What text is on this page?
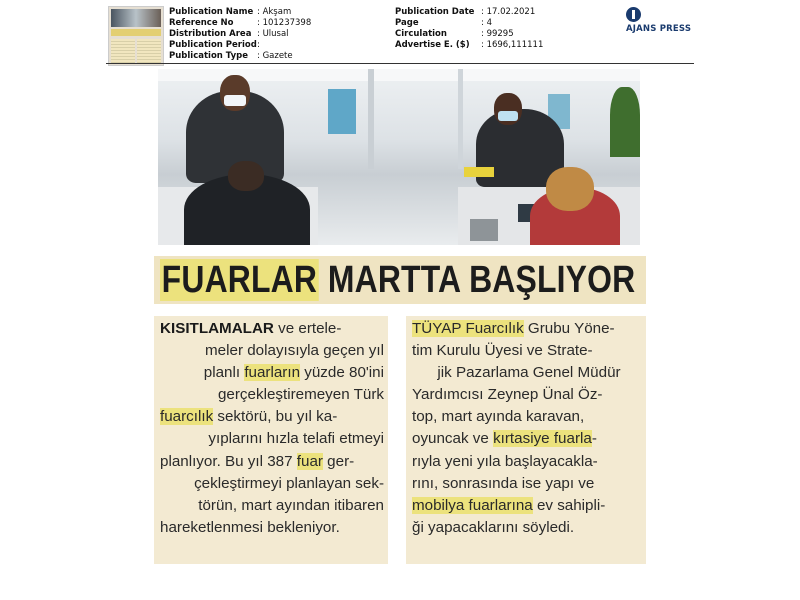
Publication Name : Akşam
Reference No	: 101237398
Distribution Area : Ulusal
Publication Period :
Publication Type	: Gazete
Publication Date : 17.02.2021
Page	: 4
Circulation	: 99295
Advertise E. ($)	: 1696,111111
AJANS PRESS
FUARLAR MARTTA BAŞLIYOR
KISITLAMALAR ve ertele-
meler dolayısıyla geçen yıl
planlı fuarların yüzde 80'ini
gerçekleştiremeyen Türk
fuarcılık sektörü, bu yıl ka-
yıplarını hızla telafi etmeyi
planlıyor. Bu yıl 387 fuar ger-
çekleştirmeyi planlayan sek-
törün, mart ayından itibaren
hareketlenmesi bekleniyor.
TÜYAP Fuarcılık Grubu Yöne-
tim Kurulu Üyesi ve Strate-
jik Pazarlama Genel Müdür
Yardımcısı Zeynep Ünal Öz-
top, mart ayında karavan,
oyuncak ve kırtasiye fuarla-
rıyla yeni yıla başlayacakla-
rını, sonrasında ise yapı ve
mobilya fuarlarına ev sahipli-
ği yapacaklarını söyledi.
